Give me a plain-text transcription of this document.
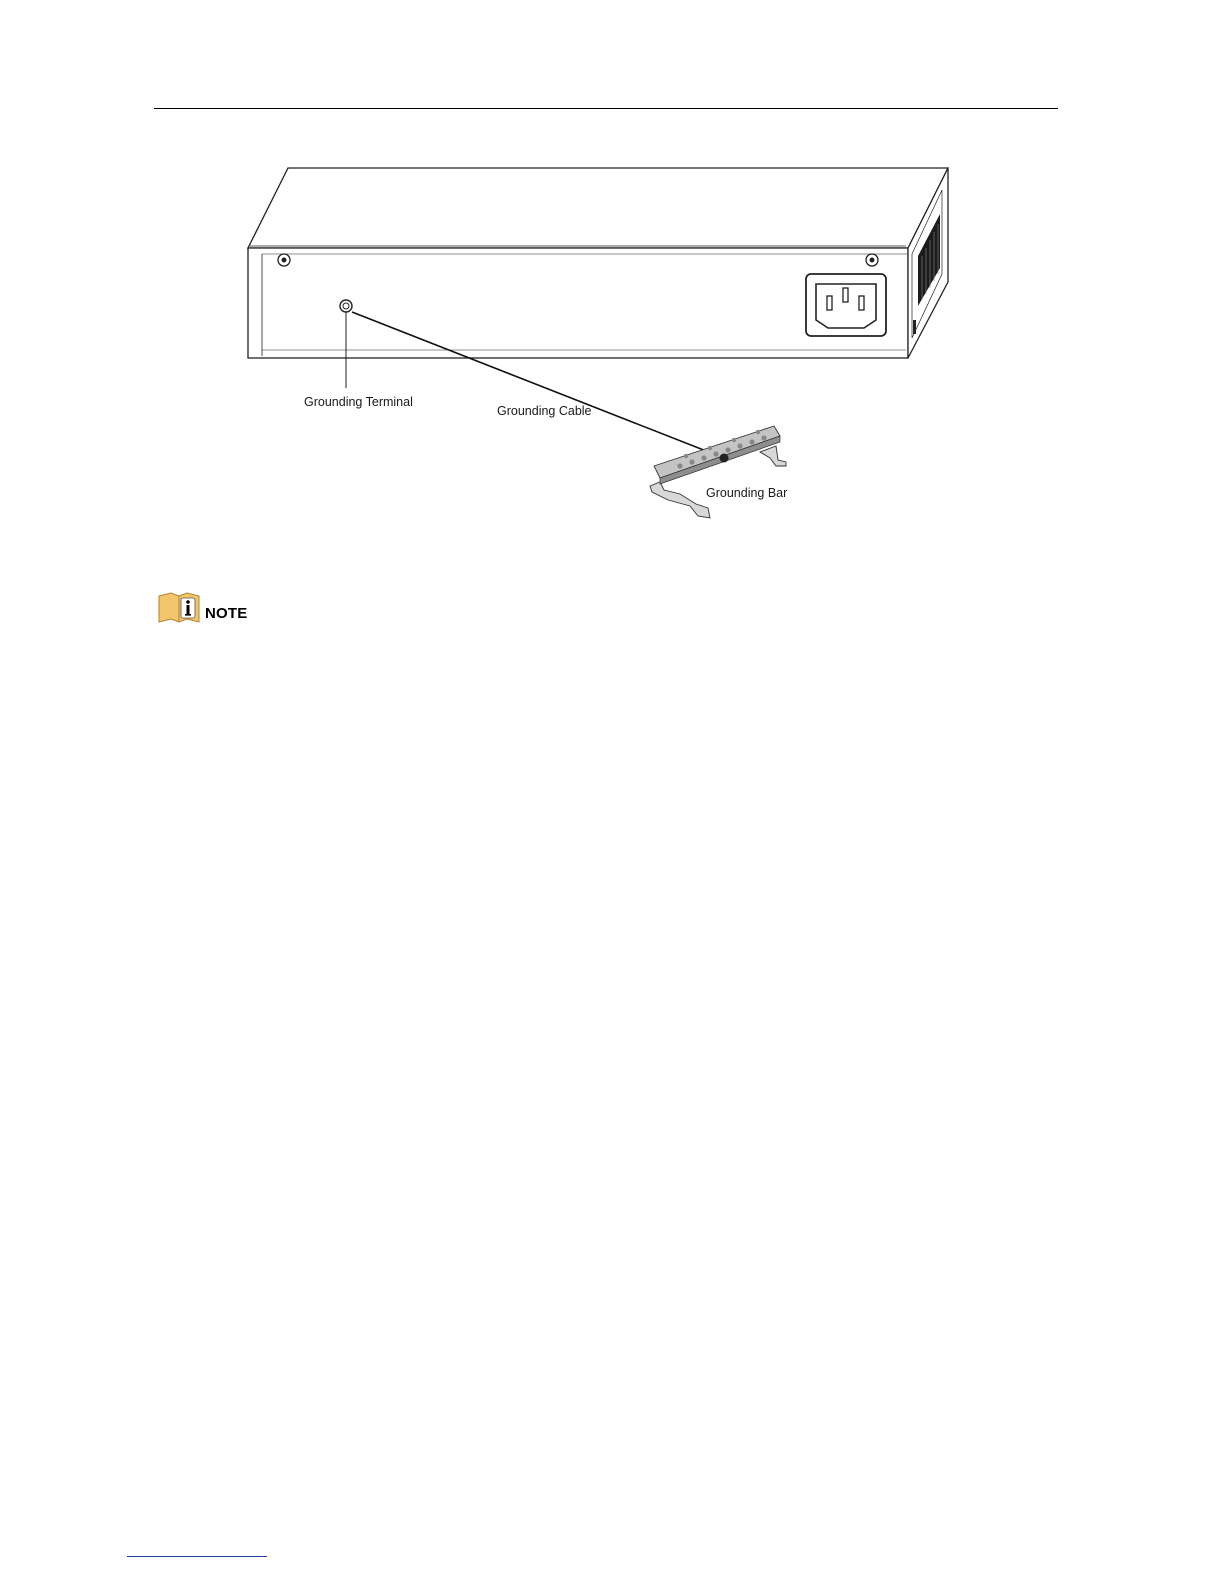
Grounding Terminal
Grounding Cable
Grounding Bar
NOTE
